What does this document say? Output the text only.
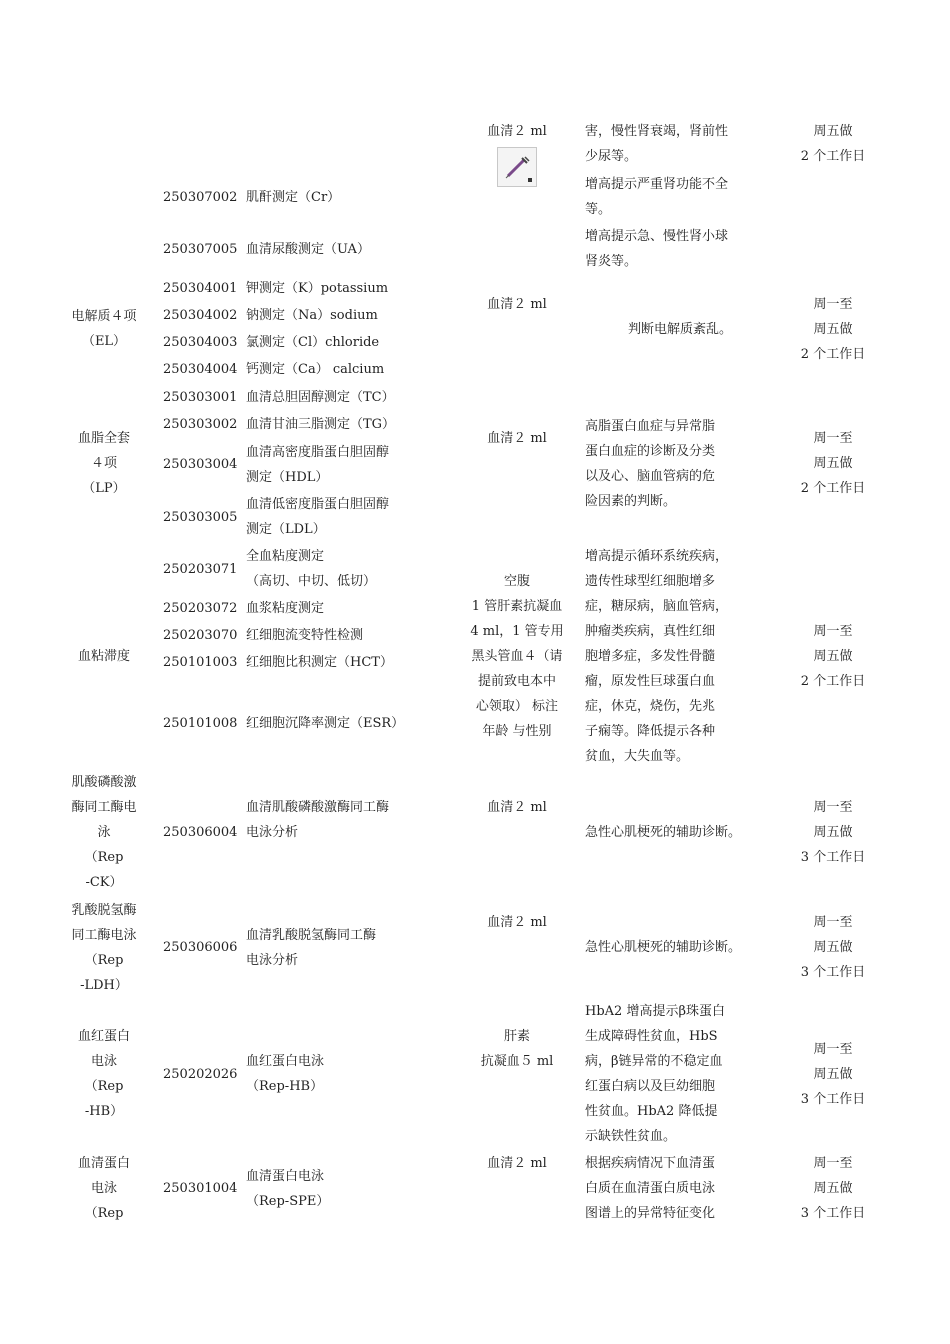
血清２ ml	害，慢性肾衰竭，肾前性
少尿等。
周五做
2 个工作日
250307002 肌酐测定（Cr）
增高提示严重肾功能不全
等。
250307005 血清尿酸测定（UA）
增高提示急、慢性肾小球
肾炎等。
电解质４项
（EL）
250304001 钾测定（K）potassium
250304002 钠测定（Na）sodium
250304003 氯测定（Cl）chloride
250304004 钙测定（Ca） calcium
血清２ ml
判断电解质紊乱。
周一至
周五做
2 个工作日
血脂全套
４项
（LP）
250303001 血清总胆固醇测定（TC）
250303002 血清甘油三脂测定（TG）
250303004
血清高密度脂蛋白胆固醇
测定（HDL）
250303005
血清低密度脂蛋白胆固醇
测定（LDL）
血清２ ml
高脂蛋白血症与异常脂
蛋白血症的诊断及分类
以及心、脑血管病的危
险因素的判断。
周一至
周五做
2 个工作日
血粘滞度
250203071
全血粘度测定
（高切、中切、低切）
250203072 血浆粘度测定
250203070 红细胞流变特性检测
250101003 红细胞比积测定（HCT）
250101008 红细胞沉降率测定（ESR）
空腹
1 管肝素抗凝血
4 ml，1 管专用
黑头管血４（请
提前致电本中
心领取） 标注
年龄 与性别
增高提示循环系统疾病，
遗传性球型红细胞增多
症，糖尿病，脑血管病，
肿瘤类疾病，真性红细
胞增多症，多发性骨髓
瘤，原发性巨球蛋白血
症，休克，烧伤，先兆
子痫等。降低提示各种
贫血，大失血等。
周一至
周五做
2 个工作日
肌酸磷酸激
酶同工酶电
泳
（Rep
-CK）
250306004
血清肌酸磷酸激酶同工酶
电泳分析
血清２ ml
急性心肌梗死的辅助诊断。
周一至
周五做
3 个工作日
乳酸脱氢酶
同工酶电泳
（Rep
-LDH）
250306006
血清乳酸脱氢酶同工酶
电泳分析
血清２ ml
急性心肌梗死的辅助诊断。
周一至
周五做
3 个工作日
血红蛋白
电泳
（Rep
-HB）
250202026
血红蛋白电泳
（Rep-HB）
肝素
抗凝血５ ml
HbA2 增高提示β珠蛋白
生成障碍性贫血，HbS
病，β链异常的不稳定血
红蛋白病以及巨幼细胞
性贫血。HbA2 降低提
示缺铁性贫血。
周一至
周五做
3 个工作日
血清蛋白
电泳
（Rep
250301004
血清蛋白电泳
（Rep-SPE）
血清２ ml	根据疾病情况下血清蛋
白质在血清蛋白质电泳
图谱上的异常特征变化
周一至
周五做
3 个工作日
